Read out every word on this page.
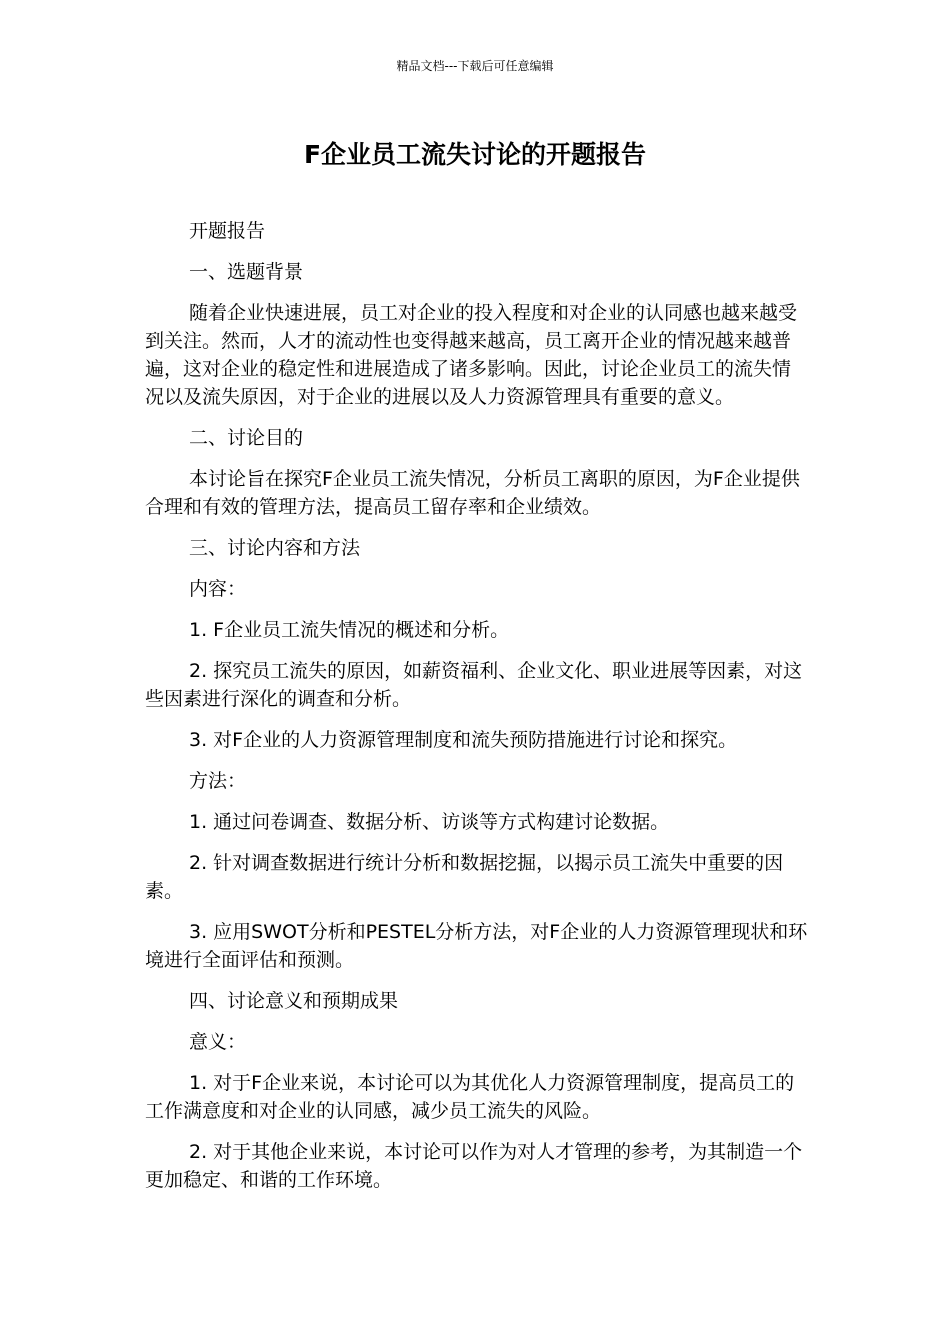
精品文档---下载后可任意编辑
F企业员工流失讨论的开题报告

开题报告

一、选题背景

随着企业快速进展，员工对企业的投入程度和对企业的认同感也越来越受到关注。然而，人才的流动性也变得越来越高，员工离开企业的情况越来越普遍，这对企业的稳定性和进展造成了诸多影响。因此，讨论企业员工的流失情况以及流失原因，对于企业的进展以及人力资源管理具有重要的意义。

二、讨论目的

本讨论旨在探究F企业员工流失情况，分析员工离职的原因，为F企业提供合理和有效的管理方法，提高员工留存率和企业绩效。

三、讨论内容和方法

内容：

1. F企业员工流失情况的概述和分析。

2. 探究员工流失的原因，如薪资福利、企业文化、职业进展等因素，对这些因素进行深化的调查和分析。

3. 对F企业的人力资源管理制度和流失预防措施进行讨论和探究。

方法：

1. 通过问卷调查、数据分析、访谈等方式构建讨论数据。

2. 针对调查数据进行统计分析和数据挖掘，以揭示员工流失中重要的因素。

3. 应用SWOT分析和PESTEL分析方法，对F企业的人力资源管理现状和环境进行全面评估和预测。

四、讨论意义和预期成果

意义：

1. 对于F企业来说，本讨论可以为其优化人力资源管理制度，提高员工的工作满意度和对企业的认同感，减少员工流失的风险。

2. 对于其他企业来说，本讨论可以作为对人才管理的参考，为其制造一个更加稳定、和谐的工作环境。
